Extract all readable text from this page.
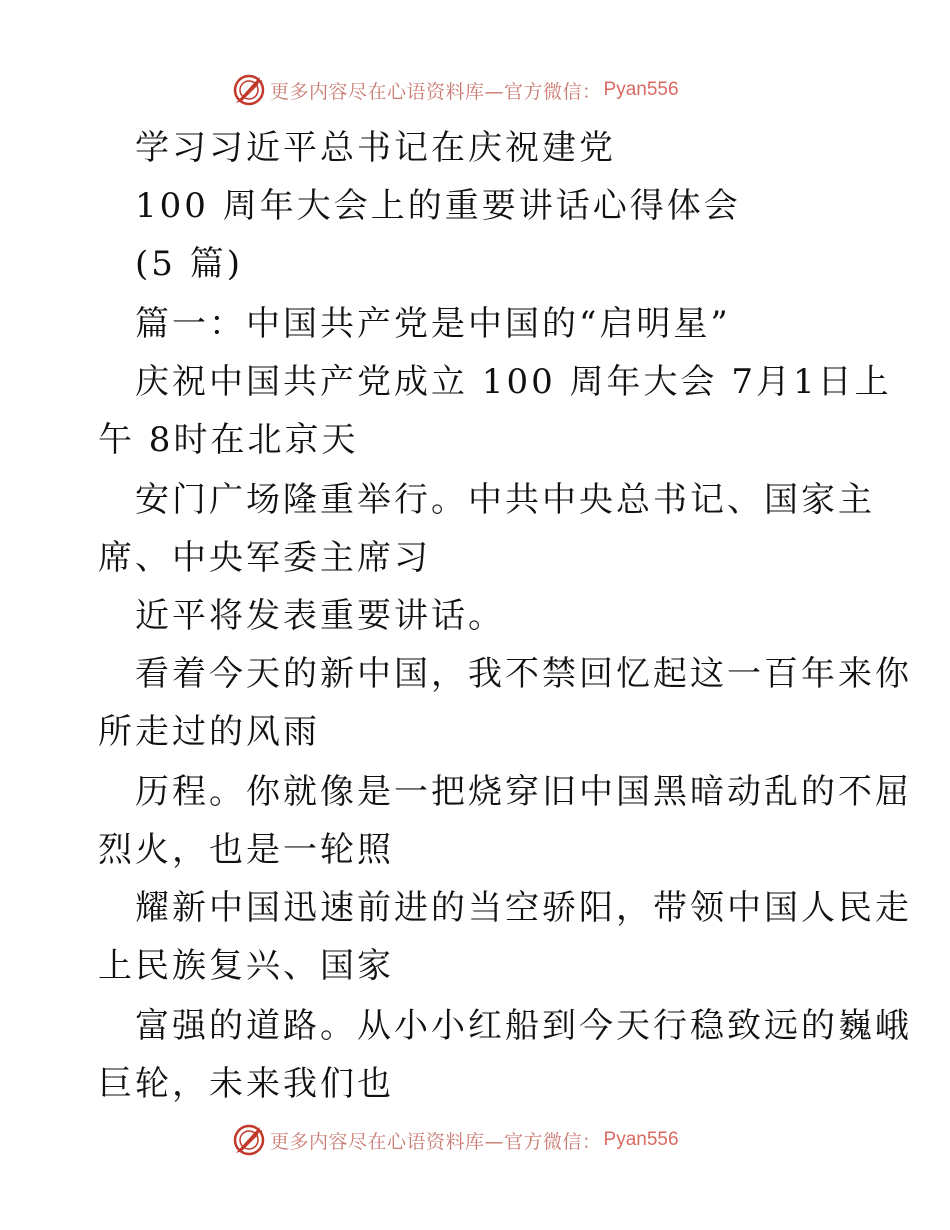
更多内容尽在心语资料库— 官方微信： Pyan556
学习习近平总书记在庆祝建党
100 周年大会上的重要讲话心得体会
(5 篇)
篇一：中国共产党是中国的“启明星”
庆祝中国共产党成立 100 周年大会 7月1日上
午 8时在北京天
安门广场隆重举行。中共中央总书记、国家主
席、中央军委主席习
近平将发表重要讲话。
看着今天的新中国，我不禁回忆起这一百年来你
所走过的风雨
历程。你就像是一把烧穿旧中国黑暗动乱的不屈
烈火，也是一轮照
耀新中国迅速前进的当空骄阳，带领中国人民走
上民族复兴、国家
富强的道路。从小小红船到今天行稳致远的巍峨
巨轮，未来我们也
更多内容尽在心语资料库— 官方微信： Pyan556
